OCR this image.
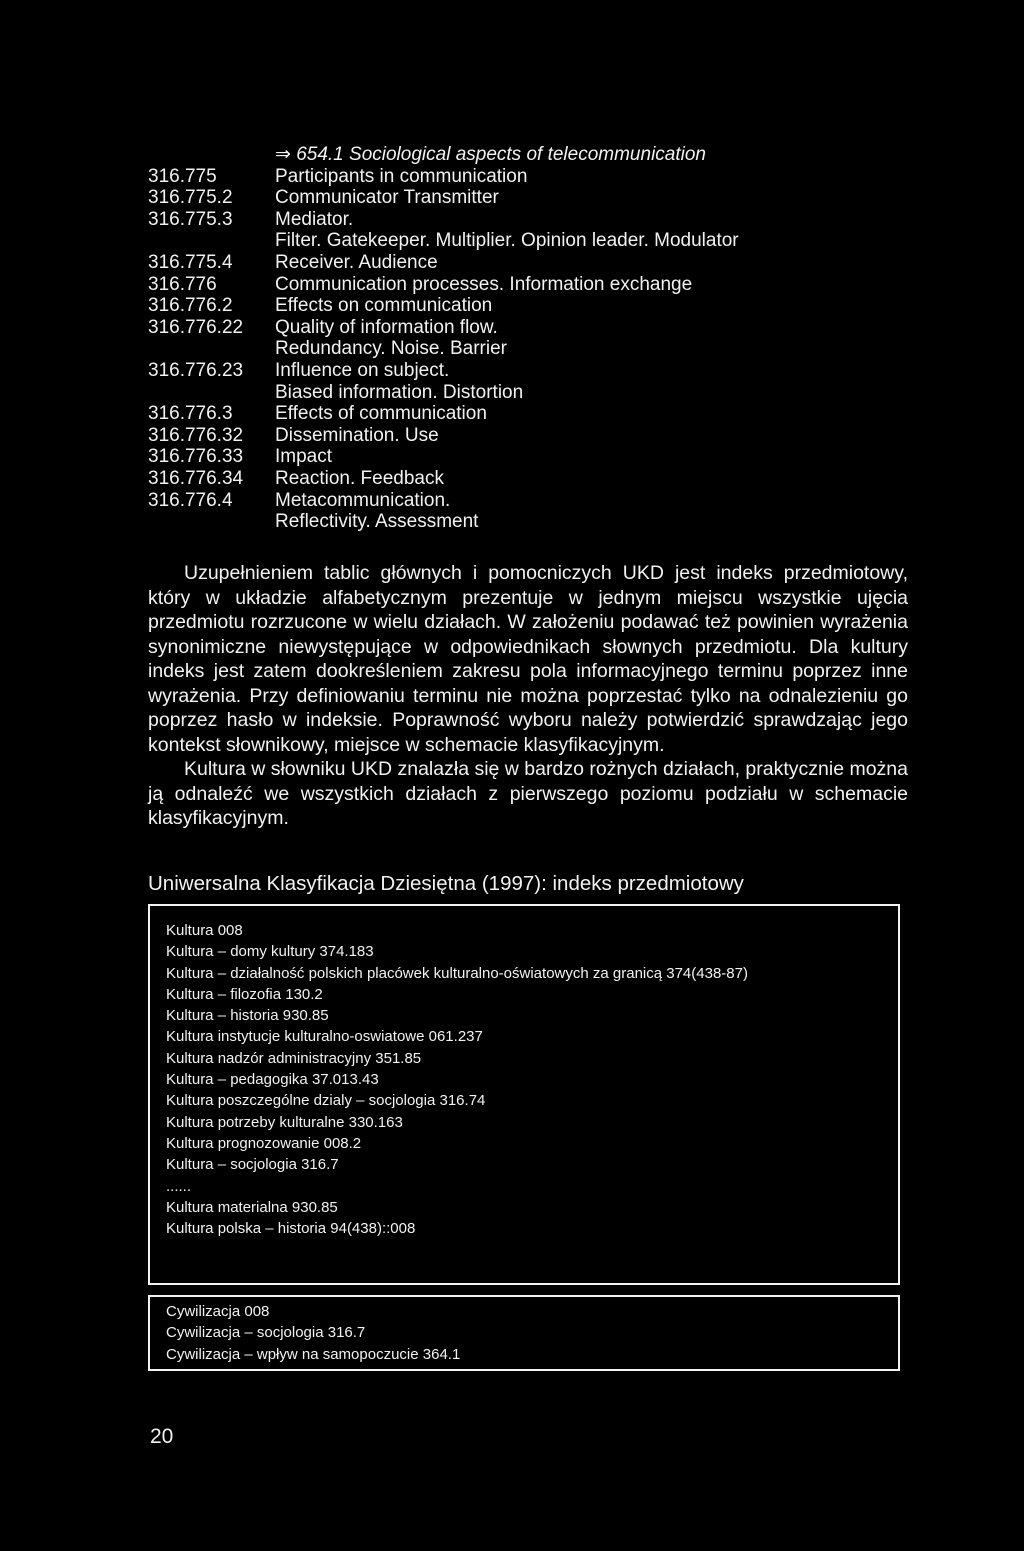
⇒ 654.1 Sociological aspects of telecommunication
316.775	Participants in communication
316.775.2	Communicator Transmitter
316.775.3	Mediator.
Filter. Gatekeeper. Multiplier. Opinion leader. Modulator
316.775.4	Receiver. Audience
316.776	Communication processes. Information exchange
316.776.2	Effects on communication
316.776.22	Quality of information flow.
Redundancy. Noise. Barrier
316.776.23	Influence on subject.
Biased information. Distortion
316.776.3	Effects of communication
316.776.32	Dissemination. Use
316.776.33	Impact
316.776.34	Reaction. Feedback
316.776.4	Metacommunication.
Reflectivity. Assessment

Uzupełnieniem tablic głównych i pomocniczych UKD jest indeks przedmiotowy, który w układzie alfabetycznym prezentuje w jednym miejscu wszystkie ujęcia przedmiotu rozrzucone w wielu działach. W założeniu podawać też powinien wyrażenia synonimiczne niewystępujące w odpowiednikach słownych przedmiotu. Dla kultury indeks jest zatem dookreśleniem zakresu pola informacyjnego terminu poprzez inne wyrażenia. Przy definiowaniu terminu nie można poprzestać tylko na odnalezieniu go poprzez hasło w indeksie. Poprawność wyboru należy potwierdzić sprawdzając jego kontekst słownikowy, miejsce w schemacie klasyfikacyjnym.

Kultura w słowniku UKD znalazła się w bardzo rożnych działach, praktycznie można ją odnaleźć we wszystkich działach z pierwszego poziomu podziału w schemacie klasyfikacyjnym.

Uniwersalna Klasyfikacja Dziesiętna (1997): indeks przedmiotowy
Kultura 008
Kultura – domy kultury 374.183
Kultura – działalność polskich placówek kulturalno-oświatowych za granicą 374(438-87)
Kultura – filozofia 130.2
Kultura – historia 930.85
Kultura instytucje kulturalno-oswiatowe 061.237
Kultura nadzór administracyjny 351.85
Kultura – pedagogika 37.013.43
Kultura poszczególne dzialy – socjologia 316.74
Kultura potrzeby kulturalne 330.163
Kultura prognozowanie 008.2
Kultura – socjologia 316.7
......
Kultura materialna 930.85
Kultura polska – historia 94(438)::008
Cywilizacja 008
Cywilizacja – socjologia 316.7
Cywilizacja – wpływ na samopoczucie 364.1
20
